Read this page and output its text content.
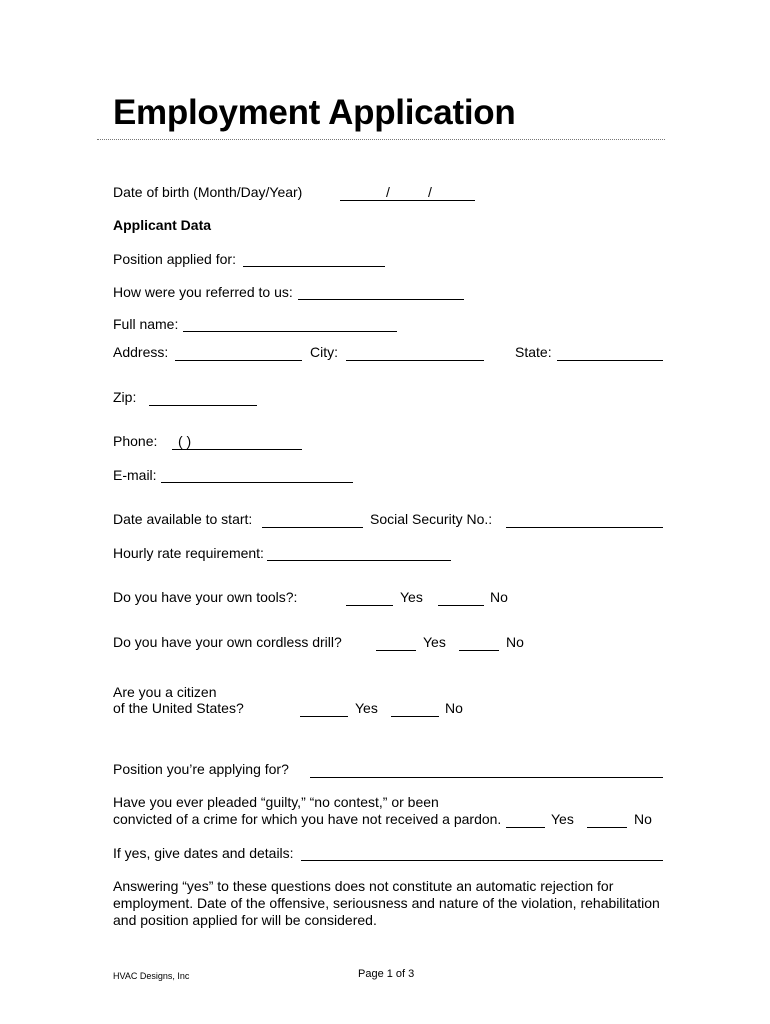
Employment Application
Date of birth (Month/Day/Year)	/	/
Applicant Data
Position applied for:
How were you referred to us:
Full name:
Address:	City:	State:
Zip:
Phone: ( )
E-mail:
Date available to start:	Social Security No.:
Hourly rate requirement:
Do you have your own tools?:	Yes	No
Do you have your own cordless drill?	Yes	No
Are you a citizen
of the United States?	Yes	No
Position you’re applying for?
Have you ever pleaded “guilty,” “no contest,” or been
convicted of a crime for which you have not received a pardon.	Yes	No
If yes, give dates and details:
Answering “yes” to these questions does not constitute an automatic rejection for
employment. Date of the offensive, seriousness and nature of the violation, rehabilitation
and position applied for will be considered.
HVAC Designs, Inc	Page 1 of 3
